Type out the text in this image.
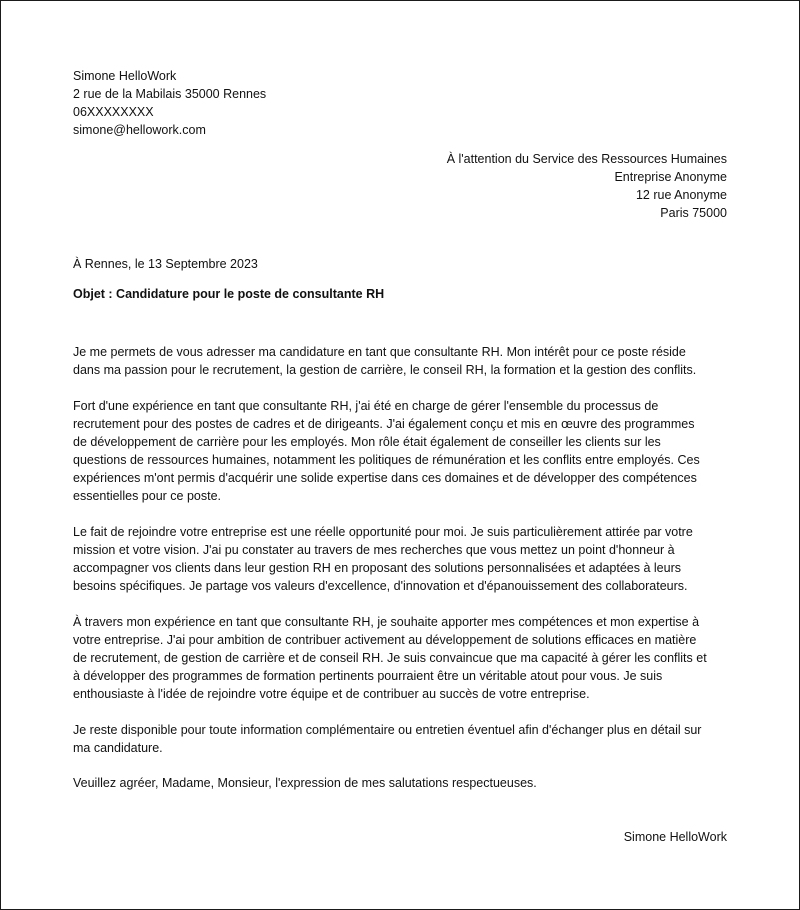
Simone HelloWork
2 rue de la Mabilais 35000 Rennes
06XXXXXXXX
simone@hellowork.com
À l'attention du Service des Ressources Humaines
Entreprise Anonyme
12 rue Anonyme
Paris 75000
À Rennes, le 13 Septembre 2023
Objet : Candidature pour le poste de consultante RH

Je me permets de vous adresser ma candidature en tant que consultante RH. Mon intérêt pour ce poste réside
dans ma passion pour le recrutement, la gestion de carrière, le conseil RH, la formation et la gestion des conflits.

Fort d'une expérience en tant que consultante RH, j'ai été en charge de gérer l'ensemble du processus de
recrutement pour des postes de cadres et de dirigeants. J'ai également conçu et mis en œuvre des programmes
de développement de carrière pour les employés. Mon rôle était également de conseiller les clients sur les
questions de ressources humaines, notamment les politiques de rémunération et les conflits entre employés. Ces
expériences m'ont permis d'acquérir une solide expertise dans ces domaines et de développer des compétences
essentielles pour ce poste.

Le fait de rejoindre votre entreprise est une réelle opportunité pour moi. Je suis particulièrement attirée par votre
mission et votre vision. J'ai pu constater au travers de mes recherches que vous mettez un point d'honneur à
accompagner vos clients dans leur gestion RH en proposant des solutions personnalisées et adaptées à leurs
besoins spécifiques. Je partage vos valeurs d'excellence, d'innovation et d'épanouissement des collaborateurs.

À travers mon expérience en tant que consultante RH, je souhaite apporter mes compétences et mon expertise à
votre entreprise. J'ai pour ambition de contribuer activement au développement de solutions efficaces en matière
de recrutement, de gestion de carrière et de conseil RH. Je suis convaincue que ma capacité à gérer les conflits et
à développer des programmes de formation pertinents pourraient être un véritable atout pour vous. Je suis
enthousiaste à l'idée de rejoindre votre équipe et de contribuer au succès de votre entreprise.

Je reste disponible pour toute information complémentaire ou entretien éventuel afin d'échanger plus en détail sur
ma candidature.

Veuillez agréer, Madame, Monsieur, l'expression de mes salutations respectueuses.
Simone HelloWork
